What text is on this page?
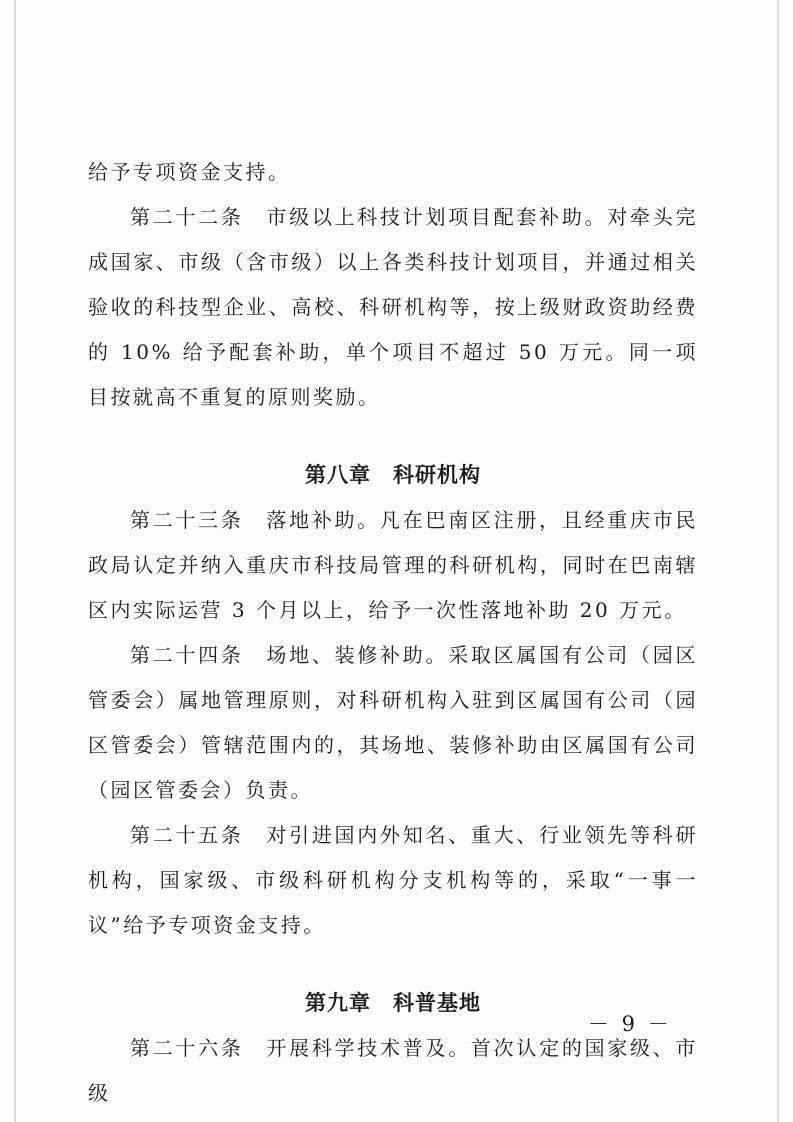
给予专项资金支持。

第二十二条　市级以上科技计划项目配套补助。对牵头完成国家、市级（含市级）以上各类科技计划项目，并通过相关验收的科技型企业、高校、科研机构等，按上级财政资助经费的 10% 给予配套补助，单个项目不超过 50 万元。同一项目按就高不重复的原则奖励。

第八章 科研机构

第二十三条　落地补助。凡在巴南区注册，且经重庆市民政局认定并纳入重庆市科技局管理的科研机构，同时在巴南辖区内实际运营 3 个月以上，给予一次性落地补助 20 万元。

第二十四条　场地、装修补助。采取区属国有公司（园区管委会）属地管理原则，对科研机构入驻到区属国有公司（园区管委会）管辖范围内的，其场地、装修补助由区属国有公司（园区管委会）负责。

第二十五条　对引进国内外知名、重大、行业领先等科研机构，国家级、市级科研机构分支机构等的，采取“一事一议”给予专项资金支持。

第九章 科普基地

第二十六条　开展科学技术普及。首次认定的国家级、市级

－ 9 －
